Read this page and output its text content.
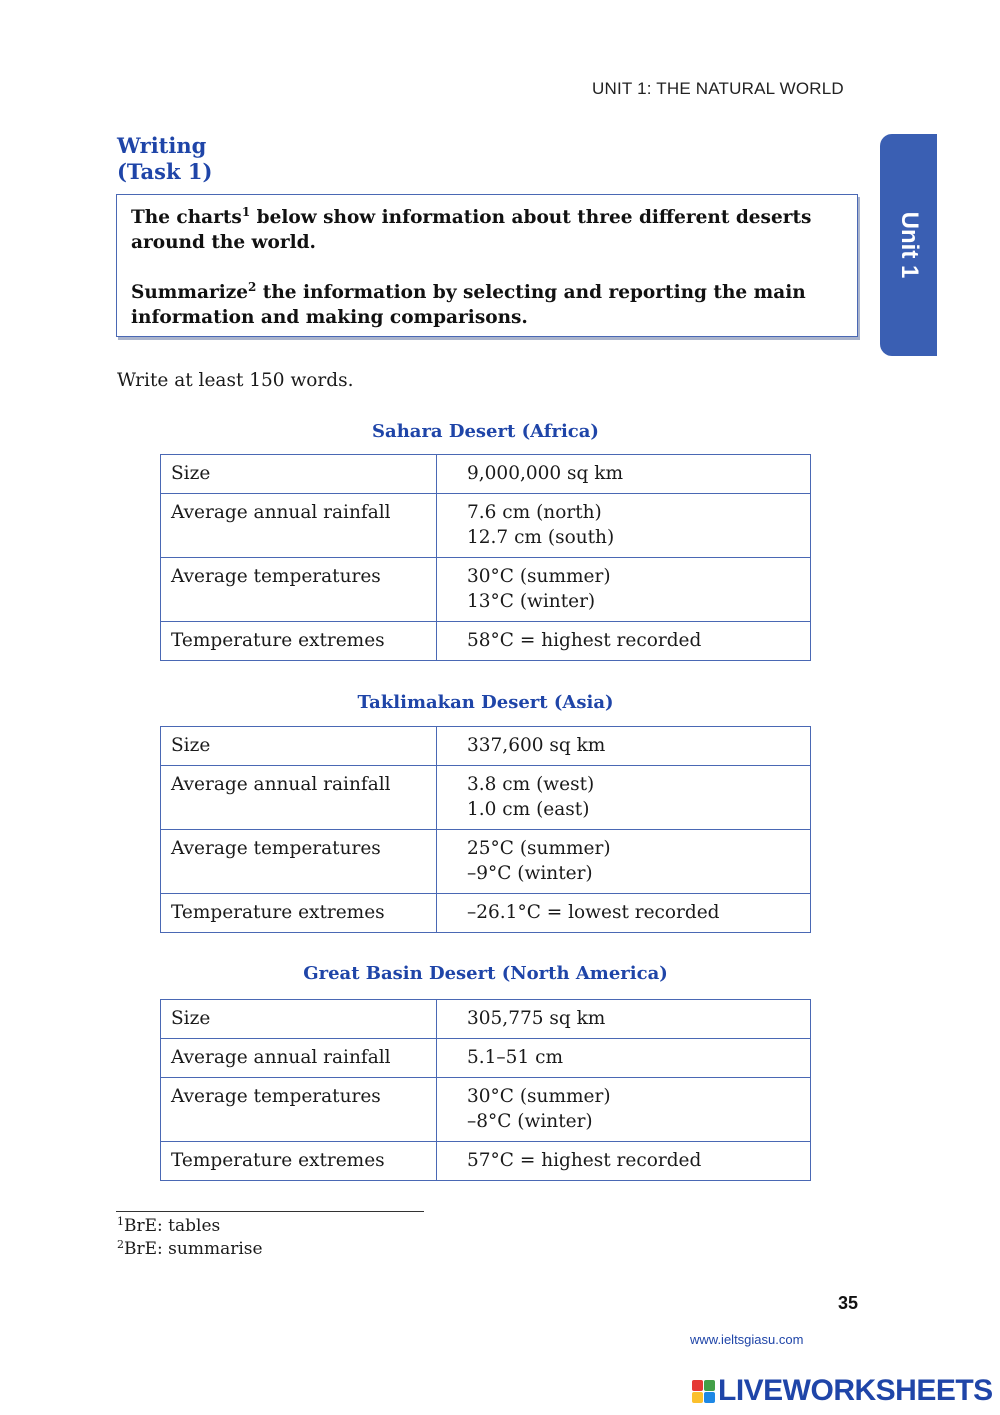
UNIT 1: THE NATURAL WORLD
Unit 1
Writing
(Task 1)

The charts$^1$ below show information about three different deserts around the world.

Summarize$^2$ the information by selecting and reporting the main information and making comparisons.

Write at least 150 words.
Sahara Desert (Africa)
Size	9,000,000 sq km

Average annual rainfall	7.6 cm (north)
12.7 cm (south)

Average temperatures	30°C (summer)
13°C (winter)

Temperature extremes	58°C = highest recorded
Taklimakan Desert (Asia)
Size	337,600 sq km

Average annual rainfall	3.8 cm (west)
1.0 cm (east)

Average temperatures	25°C (summer)
–9°C (winter)

Temperature extremes	–26.1°C = lowest recorded
Great Basin Desert (North America)
Size	305,775 sq km

Average annual rainfall	5.1–51 cm

Average temperatures	30°C (summer)
–8°C (winter)

Temperature extremes	57°C = highest recorded
$^1$BrE: tables
$^2$BrE: summarise
35
www.ieltsgiasu.com
LIVEWORKSHEETS
